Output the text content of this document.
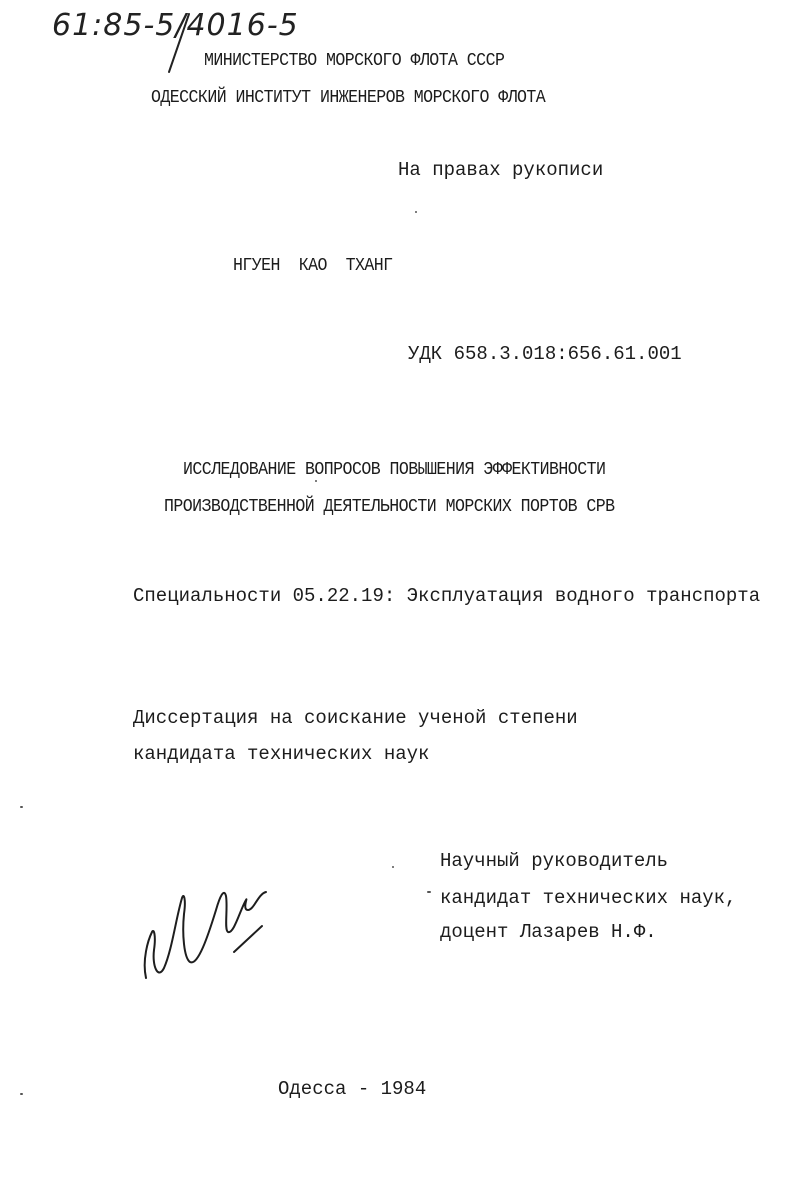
61:85-5/4016-5
МИНИСТЕРСТВО МОРСКОГО ФЛОТА СССР
ОДЕССКИЙ ИНСТИТУТ ИНЖЕНЕРОВ МОРСКОГО ФЛОТА
На правах рукописи
НГУЕН  КАО  ТХАНГ
УДК 658.3.018:656.61.001
ИССЛЕДОВАНИЕ ВОПРОСОВ ПОВЫШЕНИЯ ЭФФЕКТИВНОСТИ
ПРОИЗВОДСТВЕННОЙ ДЕЯТЕЛЬНОСТИ МОРСКИХ ПОРТОВ СРВ
Специальности 05.22.19: Эксплуатация водного транспорта
Диссертация на соискание ученой степени
кандидата технических наук
Научный руководитель
кандидат технических наук,
доцент Лазарев Н.Ф.
Одесса - 1984
